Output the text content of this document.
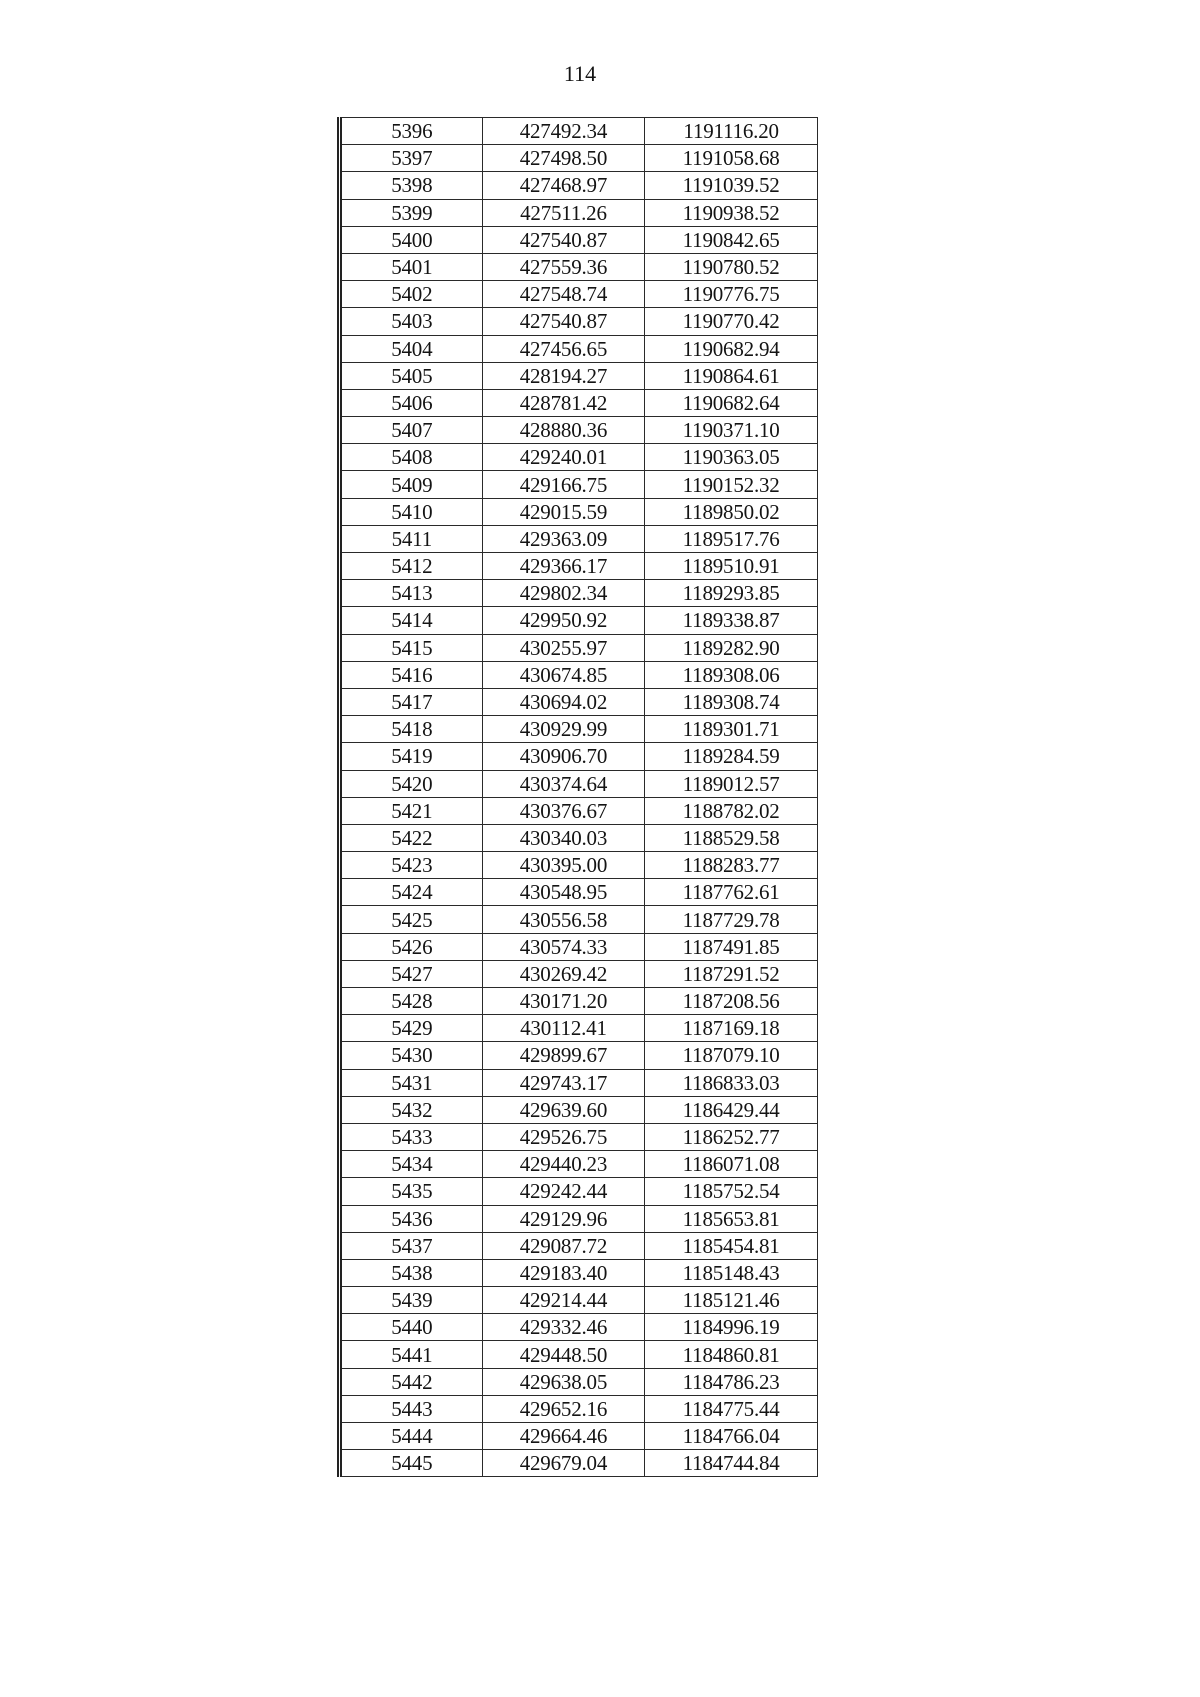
114
5396	427492.34	1191116.20
5397	427498.50	1191058.68
5398	427468.97	1191039.52
5399	427511.26	1190938.52
5400	427540.87	1190842.65
5401	427559.36	1190780.52
5402	427548.74	1190776.75
5403	427540.87	1190770.42
5404	427456.65	1190682.94
5405	428194.27	1190864.61
5406	428781.42	1190682.64
5407	428880.36	1190371.10
5408	429240.01	1190363.05
5409	429166.75	1190152.32
5410	429015.59	1189850.02
5411	429363.09	1189517.76
5412	429366.17	1189510.91
5413	429802.34	1189293.85
5414	429950.92	1189338.87
5415	430255.97	1189282.90
5416	430674.85	1189308.06
5417	430694.02	1189308.74
5418	430929.99	1189301.71
5419	430906.70	1189284.59
5420	430374.64	1189012.57
5421	430376.67	1188782.02
5422	430340.03	1188529.58
5423	430395.00	1188283.77
5424	430548.95	1187762.61
5425	430556.58	1187729.78
5426	430574.33	1187491.85
5427	430269.42	1187291.52
5428	430171.20	1187208.56
5429	430112.41	1187169.18
5430	429899.67	1187079.10
5431	429743.17	1186833.03
5432	429639.60	1186429.44
5433	429526.75	1186252.77
5434	429440.23	1186071.08
5435	429242.44	1185752.54
5436	429129.96	1185653.81
5437	429087.72	1185454.81
5438	429183.40	1185148.43
5439	429214.44	1185121.46
5440	429332.46	1184996.19
5441	429448.50	1184860.81
5442	429638.05	1184786.23
5443	429652.16	1184775.44
5444	429664.46	1184766.04
5445	429679.04	1184744.84
